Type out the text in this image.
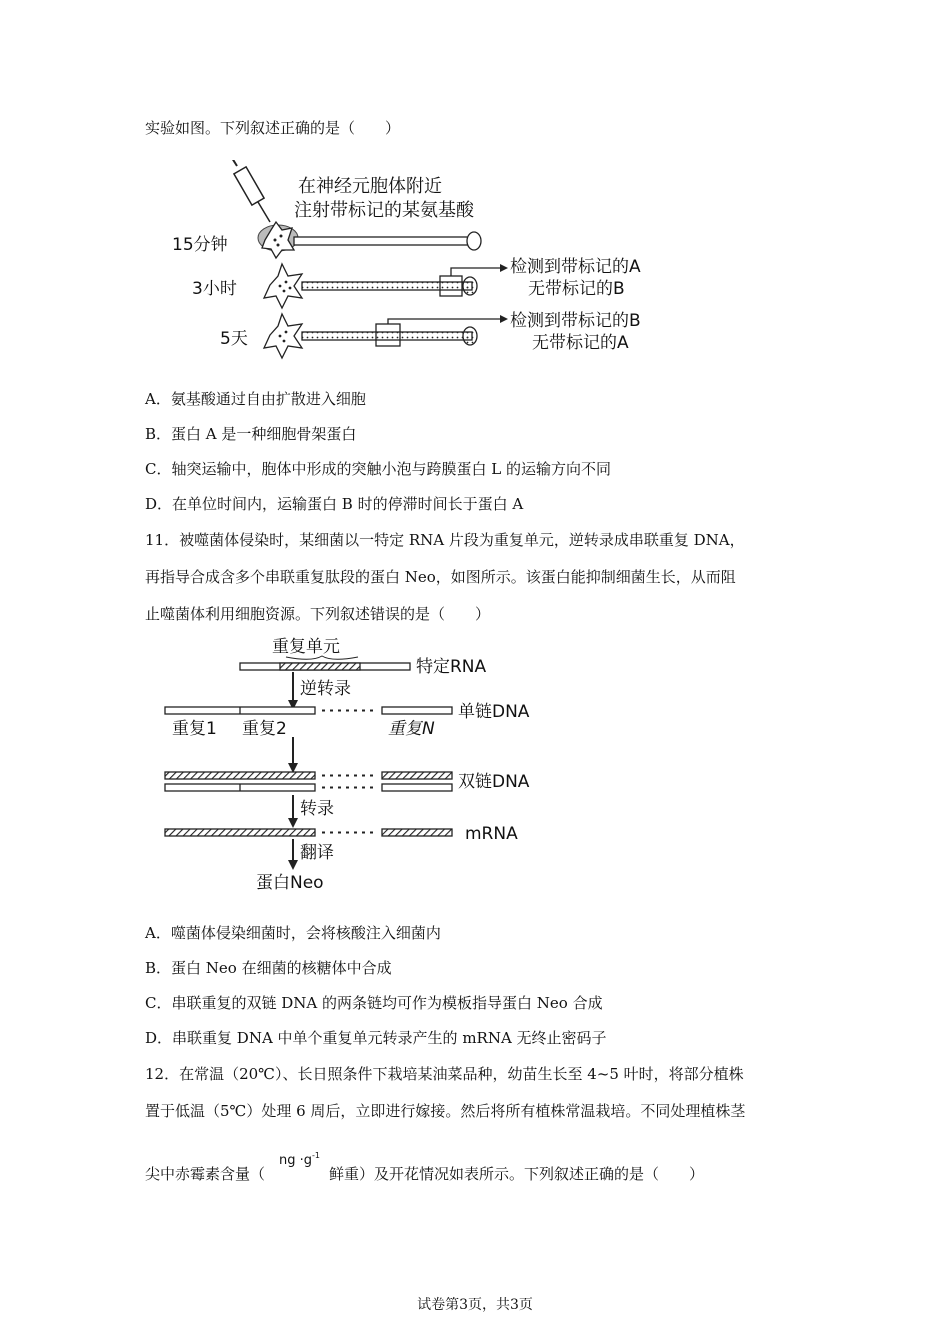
实验如图。下列叙述正确的是（　　）
在神经元胞体附近
注射带标记的某氨基酸
15分钟
3小时
检测到带标记的A
无带标记的B
5天
检测到带标记的B
无带标记的A
A．氨基酸通过自由扩散进入细胞
B．蛋白 A 是一种细胞骨架蛋白
C．轴突运输中，胞体中形成的突触小泡与跨膜蛋白 L 的运输方向不同
D．在单位时间内，运输蛋白 B 时的停滞时间长于蛋白 A
11．被噬菌体侵染时，某细菌以一特定 RNA 片段为重复单元，逆转录成串联重复 DNA，
再指导合成含多个串联重复肽段的蛋白 Neo，如图所示。该蛋白能抑制细菌生长，从而阻
止噬菌体利用细胞资源。下列叙述错误的是（　　）
重复单元
特定RNA
逆转录
单链DNA
重复1 重复2	重复N
双链DNA
转录
mRNA
翻译
蛋白Neo
A．噬菌体侵染细菌时，会将核酸注入细菌内
B．蛋白 Neo 在细菌的核糖体中合成
C．串联重复的双链 DNA 的两条链均可作为模板指导蛋白 Neo 合成
D．串联重复 DNA 中单个重复单元转录产生的 mRNA 无终止密码子
12．在常温（20℃）、长日照条件下栽培某油菜品种，幼苗生长至 4~5 叶时，将部分植株
置于低温（5℃）处理 6 周后，立即进行嫁接。然后将所有植株常温栽培。不同处理植株茎
尖中赤霉素含量（
ng $\cdot g^{-1}$
鲜重）及开花情况如表所示。下列叙述正确的是（　　）
试卷第3页，共3页
